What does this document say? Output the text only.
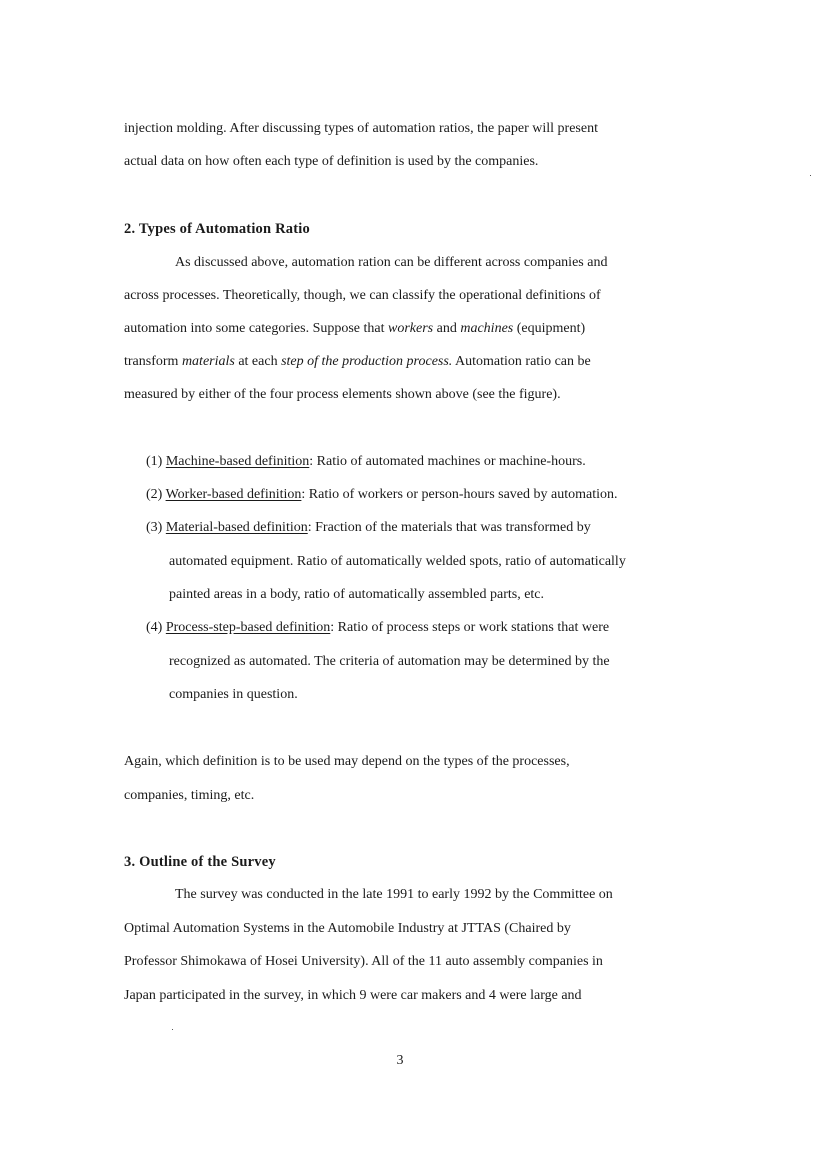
injection molding. After discussing types of automation ratios, the paper will present
actual data on how often each type of definition is used by the companies.
2. Types of Automation Ratio
As discussed above, automation ration can be different across companies and
across processes. Theoretically, though, we can classify the operational definitions of
automation into some categories. Suppose that workers and machines (equipment)
transform materials at each step of the production process. Automation ratio can be
measured by either of the four process elements shown above (see the figure).
(1) Machine-based definition: Ratio of automated machines or machine-hours.
(2) Worker-based definition: Ratio of workers or person-hours saved by automation.
(3) Material-based definition: Fraction of the materials that was transformed by
automated equipment. Ratio of automatically welded spots, ratio of automatically
painted areas in a body, ratio of automatically assembled parts, etc.
(4) Process-step-based definition: Ratio of process steps or work stations that were
recognized as automated. The criteria of automation may be determined by the
companies in question.
Again, which definition is to be used may depend on the types of the processes,
companies, timing, etc.
3. Outline of the Survey
The survey was conducted in the late 1991 to early 1992 by the Committee on
Optimal Automation Systems in the Automobile Industry at JTTAS (Chaired by
Professor Shimokawa of Hosei University). All of the 11 auto assembly companies in
Japan participated in the survey, in which 9 were car makers and 4 were large and
3
